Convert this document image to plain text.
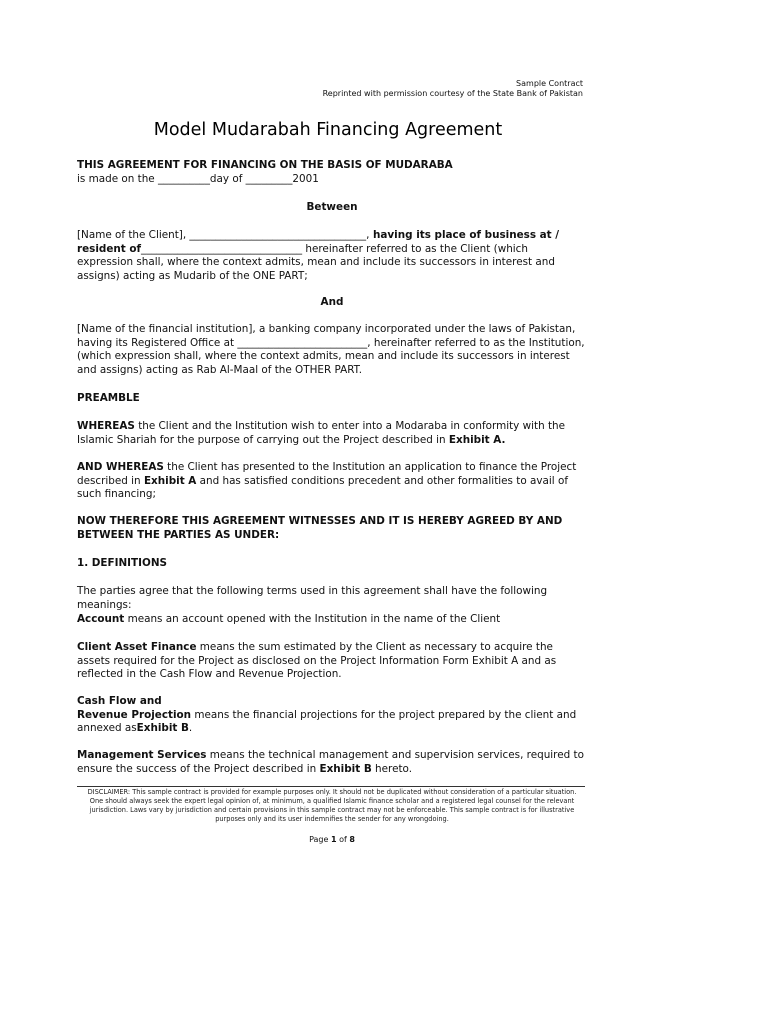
Sample Contract
Reprinted with permission courtesy of the State Bank of Pakistan
Model Mudarabah Financing Agreement
THIS AGREEMENT FOR FINANCING ON THE BASIS OF MUDARABA
is made on the __________day of _________2001
Between

[Name of the Client], __________________________________, having its place of business at / resident of_______________________________ hereinafter referred to as the Client (which expression shall, where the context admits, mean and include its successors in interest and assigns) acting as Mudarib of the ONE PART;

And

[Name of the financial institution], a banking company incorporated under the laws of Pakistan, having its Registered Office at _________________________, hereinafter referred to as the Institution, (which expression shall, where the context admits, mean and include its successors in interest and assigns) acting as Rab Al-Maal of the OTHER PART.

PREAMBLE

WHEREAS the Client and the Institution wish to enter into a Modaraba in conformity with the Islamic Shariah for the purpose of carrying out the Project described in Exhibit A.

AND WHEREAS the Client has presented to the Institution an application to finance the Project described in Exhibit A and has satisfied conditions precedent and other formalities to avail of such financing;

NOW THEREFORE THIS AGREEMENT WITNESSES AND IT IS HEREBY AGREED BY AND BETWEEN THE PARTIES AS UNDER:

1. DEFINITIONS

The parties agree that the following terms used in this agreement shall have the following meanings:

Account means an account opened with the Institution in the name of the Client

Client Asset Finance means the sum estimated by the Client as necessary to acquire the assets required for the Project as disclosed on the Project Information Form Exhibit A and as reflected in the Cash Flow and Revenue Projection.

Cash Flow and
Revenue Projection means the financial projections for the project prepared by the client and annexed asExhibit B.

Management Services means the technical management and supervision services, required to ensure the success of the Project described in Exhibit B hereto.

DISCLAIMER: This sample contract is provided for example purposes only. It should not be duplicated without consideration of a particular situation. One should always seek the expert legal opinion of, at minimum, a qualified Islamic finance scholar and a registered legal counsel for the relevant jurisdiction. Laws vary by jurisdiction and certain provisions in this sample contract may not be enforceable. This sample contract is for illustrative purposes only and its user indemnifies the sender for any wrongdoing.

Page 1 of 8
